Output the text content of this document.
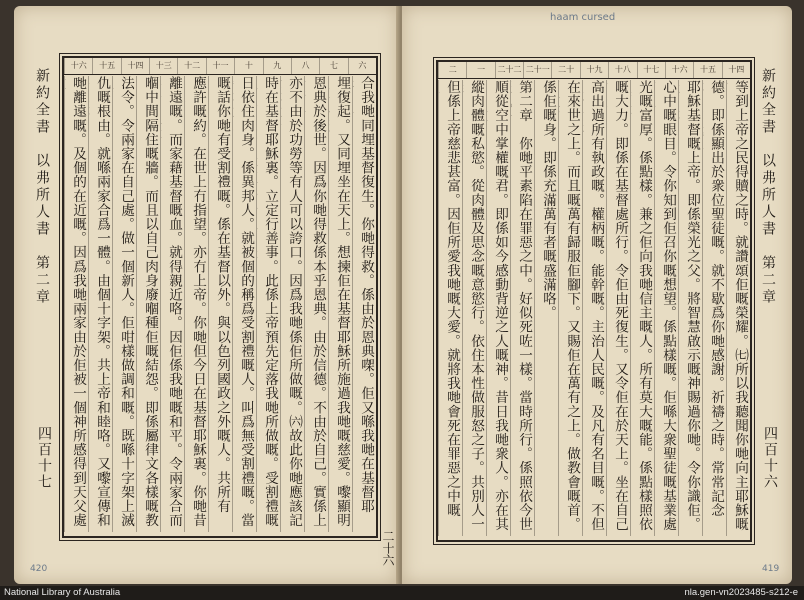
新約全書　以弗所人書　第二章
四百十七
六
七
八
九
十
十一
十二
十三
十四
十五
十六
合我哋同埋基督復生。你哋得救。係由於恩典㗎。佢又喺我哋在基督耶
埋復起。又同埋坐在天上。想揀佢在基督耶穌所施過我哋嘅慈愛。嚟顯明
恩典於後世。因爲你哋得救係本乎恩典。由於信德。不由於自己。實係上
亦不由於功勞等有人可以誇口。因爲我哋係佢所做嘅。㈥故此你哋應該記
時在基督耶穌裏。立定行善事。此係上帝預先定落我哋所做嘅。受割禮嘅
日依住肉身。係異邦人。就被個的稱爲受割禮嘅人。叫爲無受割禮嘅。當
嘅話你哋有受割禮嘅。係在基督以外。與以色列國政之外嘅人。共所有
應許嘅約。在世上冇指望。亦冇上帝。你哋但今日在基督耶穌裏。你哋昔
離遠嘅。而家藉基督嘅血。就得親近咯。因佢係我哋嘅和平。令兩家合而
嗰中間隔住嘅牆。而且以自己肉身廢嗰種佢嘅結怨。即係屬律文各樣嘅教
法令。令兩家在自己處。做一個新人。佢咁樣做調和嘅。既喺十字架上滅
仇嘅根由。就喺兩家合爲一體。由個十字架。共上帝和睦咯。又嚟宣傳和
哋離遠嘅。及個的在近嘅。因爲我哋兩家由於佢被一個神所感得到天父處
420
二十六
haam cursed
十四
十五
十六
十七
十八
十九
二十
二十一
二十二
一
二
等到上帝之民得贖之時。就讚頌佢嘅榮耀。㈦所以我聽聞你哋向主耶穌嘅
德。即係顯出於衆位聖徒嘅。就不歇爲你哋感謝。祈禱之時。常常記念
耶穌基督嘅上帝。即係榮光之父。將智慧啟示嘅神賜過你哋。令你識佢。
心中嘅眼目。令你知到佢召你嘅想望。係點樣嘅。佢喺大衆聖徒嘅基業處
光嘅富厚。係點樣。兼之佢向我哋信主嘅人。所有莫大嘅能。係點樣照依
嘅大力。即係在基督處所行。令佢由死復生。又令佢在於天上。坐在自己
高出過所有執政嘅。權柄嘅。能幹嘅。主治人民嘅。及凡有名目嘅。不但
在來世之上。而且嘅萬有歸服佢腳下。又賜佢在萬有之上。做教會嘅首。
係佢嘅身。即係充滿萬有者嘅盛滿咯。
第二章　你哋平素陷在罪惡之中。好似死咗一樣。當時所行。係照依今世
順從空中掌權嘅君。即係如今感動背逆之人嘅神。昔日我哋衆人。亦在其
縱肉體嘅私慾。從肉體及思念嘅意慾行。依住本性做服怒之子。共別人一
但係上帝慈悲甚富。因佢所愛我哋嘅大愛。就將我哋會死在罪惡之中嘅
新約全書　以弗所人書　第二章
四百十六
419
National Library of Australia	nla.gen-vn2023485-s212-e
